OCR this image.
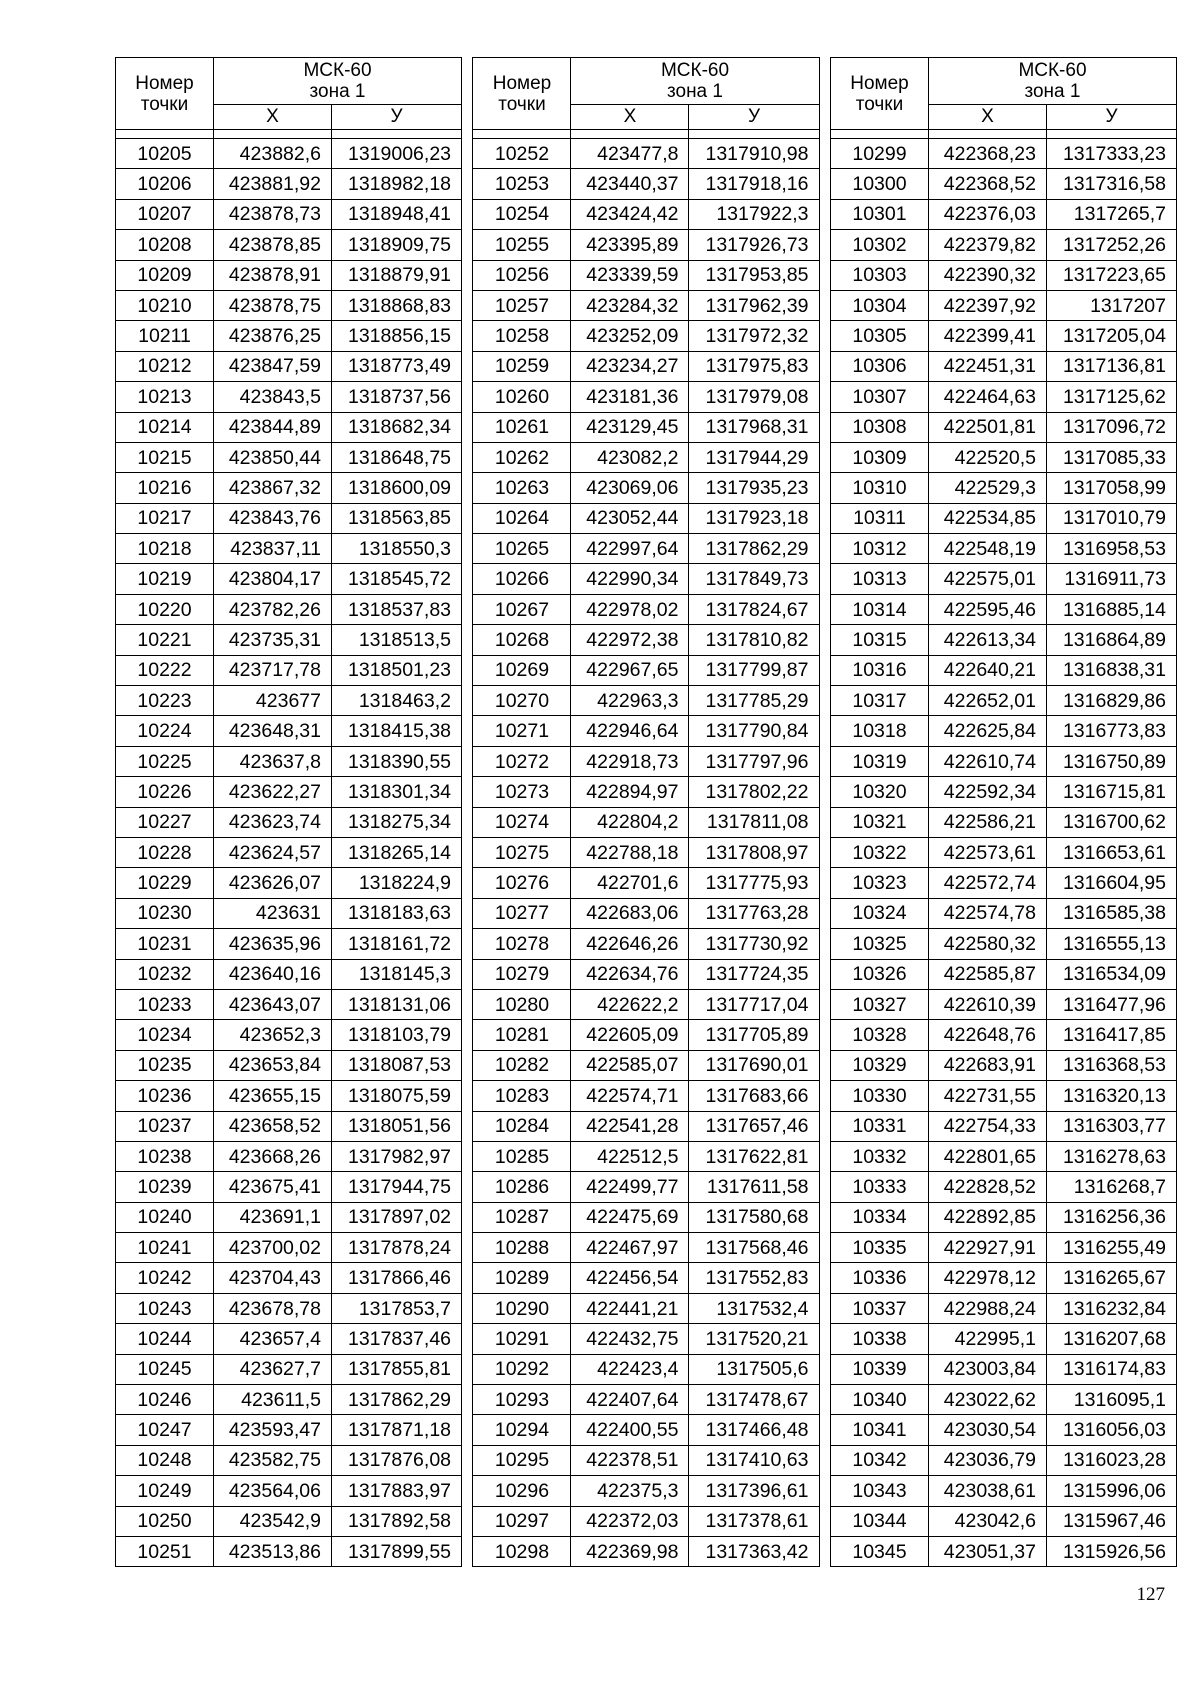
Номер точки	МСК-60
зона 1	
	Х	У

10205	423882,6	1319006,23
10206	423881,92	1318982,18
10207	423878,73	1318948,41
10208	423878,85	1318909,75
10209	423878,91	1318879,91
10210	423878,75	1318868,83
10211	423876,25	1318856,15
10212	423847,59	1318773,49
10213	423843,5	1318737,56
10214	423844,89	1318682,34
10215	423850,44	1318648,75
10216	423867,32	1318600,09
10217	423843,76	1318563,85
10218	423837,11	1318550,3
10219	423804,17	1318545,72
10220	423782,26	1318537,83
10221	423735,31	1318513,5
10222	423717,78	1318501,23
10223	423677	1318463,2
10224	423648,31	1318415,38
10225	423637,8	1318390,55
10226	423622,27	1318301,34
10227	423623,74	1318275,34
10228	423624,57	1318265,14
10229	423626,07	1318224,9
10230	423631	1318183,63
10231	423635,96	1318161,72
10232	423640,16	1318145,3
10233	423643,07	1318131,06
10234	423652,3	1318103,79
10235	423653,84	1318087,53
10236	423655,15	1318075,59
10237	423658,52	1318051,56
10238	423668,26	1317982,97
10239	423675,41	1317944,75
10240	423691,1	1317897,02
10241	423700,02	1317878,24
10242	423704,43	1317866,46
10243	423678,78	1317853,7
10244	423657,4	1317837,46
10245	423627,7	1317855,81
10246	423611,5	1317862,29
10247	423593,47	1317871,18
10248	423582,75	1317876,08
10249	423564,06	1317883,97
10250	423542,9	1317892,58
10251	423513,86	1317899,55
Номер точки	МСК-60
зона 1	
	Х	У

10252	423477,8	1317910,98
10253	423440,37	1317918,16
10254	423424,42	1317922,3
10255	423395,89	1317926,73
10256	423339,59	1317953,85
10257	423284,32	1317962,39
10258	423252,09	1317972,32
10259	423234,27	1317975,83
10260	423181,36	1317979,08
10261	423129,45	1317968,31
10262	423082,2	1317944,29
10263	423069,06	1317935,23
10264	423052,44	1317923,18
10265	422997,64	1317862,29
10266	422990,34	1317849,73
10267	422978,02	1317824,67
10268	422972,38	1317810,82
10269	422967,65	1317799,87
10270	422963,3	1317785,29
10271	422946,64	1317790,84
10272	422918,73	1317797,96
10273	422894,97	1317802,22
10274	422804,2	1317811,08
10275	422788,18	1317808,97
10276	422701,6	1317775,93
10277	422683,06	1317763,28
10278	422646,26	1317730,92
10279	422634,76	1317724,35
10280	422622,2	1317717,04
10281	422605,09	1317705,89
10282	422585,07	1317690,01
10283	422574,71	1317683,66
10284	422541,28	1317657,46
10285	422512,5	1317622,81
10286	422499,77	1317611,58
10287	422475,69	1317580,68
10288	422467,97	1317568,46
10289	422456,54	1317552,83
10290	422441,21	1317532,4
10291	422432,75	1317520,21
10292	422423,4	1317505,6
10293	422407,64	1317478,67
10294	422400,55	1317466,48
10295	422378,51	1317410,63
10296	422375,3	1317396,61
10297	422372,03	1317378,61
10298	422369,98	1317363,42
Номер точки	МСК-60
зона 1	
	Х	У

10299	422368,23	1317333,23
10300	422368,52	1317316,58
10301	422376,03	1317265,7
10302	422379,82	1317252,26
10303	422390,32	1317223,65
10304	422397,92	1317207
10305	422399,41	1317205,04
10306	422451,31	1317136,81
10307	422464,63	1317125,62
10308	422501,81	1317096,72
10309	422520,5	1317085,33
10310	422529,3	1317058,99
10311	422534,85	1317010,79
10312	422548,19	1316958,53
10313	422575,01	1316911,73
10314	422595,46	1316885,14
10315	422613,34	1316864,89
10316	422640,21	1316838,31
10317	422652,01	1316829,86
10318	422625,84	1316773,83
10319	422610,74	1316750,89
10320	422592,34	1316715,81
10321	422586,21	1316700,62
10322	422573,61	1316653,61
10323	422572,74	1316604,95
10324	422574,78	1316585,38
10325	422580,32	1316555,13
10326	422585,87	1316534,09
10327	422610,39	1316477,96
10328	422648,76	1316417,85
10329	422683,91	1316368,53
10330	422731,55	1316320,13
10331	422754,33	1316303,77
10332	422801,65	1316278,63
10333	422828,52	1316268,7
10334	422892,85	1316256,36
10335	422927,91	1316255,49
10336	422978,12	1316265,67
10337	422988,24	1316232,84
10338	422995,1	1316207,68
10339	423003,84	1316174,83
10340	423022,62	1316095,1
10341	423030,54	1316056,03
10342	423036,79	1316023,28
10343	423038,61	1315996,06
10344	423042,6	1315967,46
10345	423051,37	1315926,56
127
